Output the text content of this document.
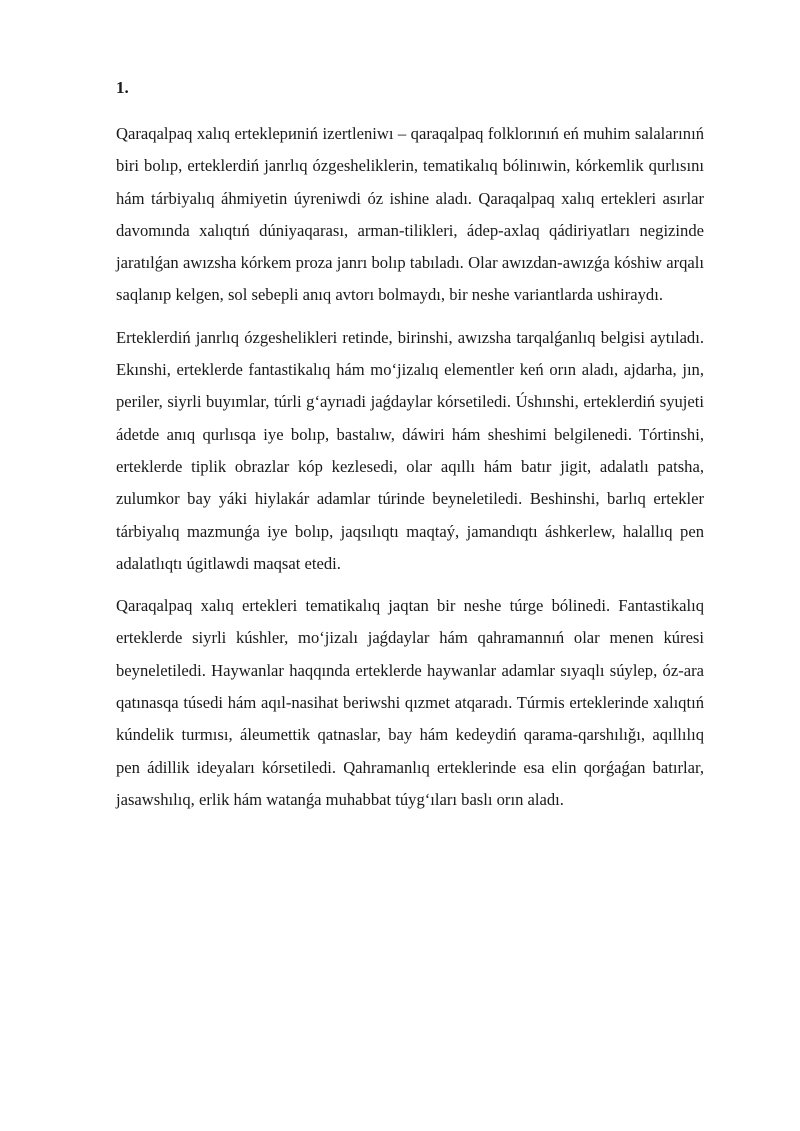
1.

Qaraqalpaq xalıq erteklериniń izertleniwı – qaraqalpaq folklorınıń eń muhim salalarınıń biri bolıp, erteklerdiń janrlıq ózgesheliklerin, tematikalıq bólinıwin, kórkemlik qurlısını hám tárbiyalıq áhmiyetin úyreniwdi óz ishine aladı. Qaraqalpaq xalıq ertekleri asırlar davomında xalıqtıń dúniyaqarası, arman-tilikleri, ádep-axlaq qádiriyatları negizinde jaratılǵan awızsha kórkem proza janrı bolıp tabıladı. Olar awızdan-awızǵa kóshiw arqalı saqlanıp kelgen, sol sebepli anıq avtorı bolmaydı, bir neshe variantlarda ushiraydı.

Erteklerdiń janrlıq ózgeshelikleri retinde, birinshi, awızsha tarqalǵanlıq belgisi aytıladı. Ekınshi, erteklerde fantastikalıq hám moʻjizalıq elementler keń orın aladı, ajdarha, jın, periler, siyrli buyımlar, túrli gʻayrıadi jaǵdaylar kórsetiledi. Úshınshi, erteklerdiń syujeti ádetde anıq qurlısqa iye bolıp, bastalıw, dáwiri hám sheshimi belgilenedi. Tórtinshi, erteklerde tiplik obrazlar kóp kezlesedi, olar aqıllı hám batır jigit, adalatlı patsha, zulumkor bay yáki hiylakár adamlar túrinde beyneletiledi. Beshinshi, barlıq ertekler tárbiyalıq mazmunǵa iye bolıp, jaqsılıqtı maqtaý, jamandıqtı áshkerlew, halallıq pen adalatlıqtı úgitlawdi maqsat etedi.

Qaraqalpaq xalıq ertekleri tematikalıq jaqtan bir neshe túrge bólinedi. Fantastikalıq erteklerde siyrli kúshler, moʻjizalı jaǵdaylar hám qahramannıń olar menen kúresi beyneletiledi. Haywanlar haqqında erteklerde haywanlar adamlar sıyaqlı súylep, óz-ara qatınasqa túsedi hám aqıl-nasihat beriwshi qızmet atqaradı. Túrmis erteklerinde xalıqtıń kúndelik turmısı, áleumettik qatnaslar, bay hám kedeydiń qarama-qarshılıǧı, aqıllılıq pen ádillik ideyaları kórsetiledi. Qahramanlıq erteklerinde esa elin qorǵaǵan batırlar, jasawshılıq, erlik hám watanǵa muhabbat túygʻıları baslı orın aladı.
